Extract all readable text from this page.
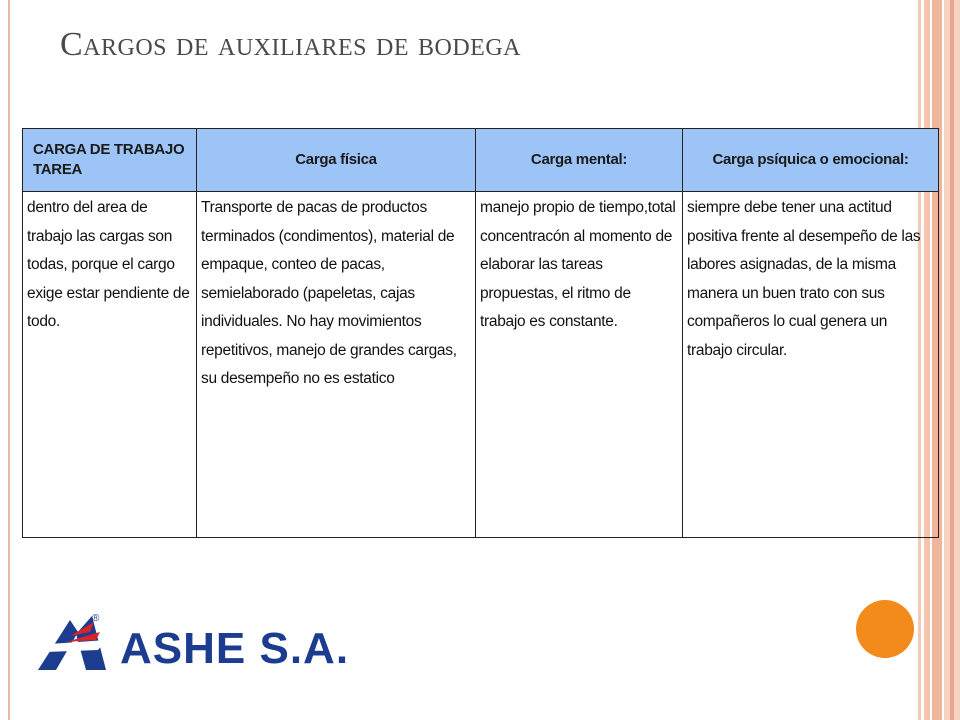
Cargos de auxiliares de bodega
CARGA DE TRABAJO TAREA	Carga física	Carga mental:	Carga psíquica o emocional:
dentro del area de trabajo las cargas son todas, porque el cargo exige estar pendiente de todo.	Transporte de pacas de productos terminados (condimentos), material de empaque, conteo de pacas, semielaborado (papeletas, cajas individuales. No hay movimientos repetitivos, manejo de grandes cargas, su desempeño no es estatico	manejo propio de tiempo,total concentracón al momento de elaborar las tareas propuestas, el ritmo de trabajo es constante.	siempre debe tener una actitud positiva frente al desempeño de las labores asignadas, de la misma manera un buen trato con sus compañeros lo cual genera un trabajo circular.
®
ASHE S.A.
